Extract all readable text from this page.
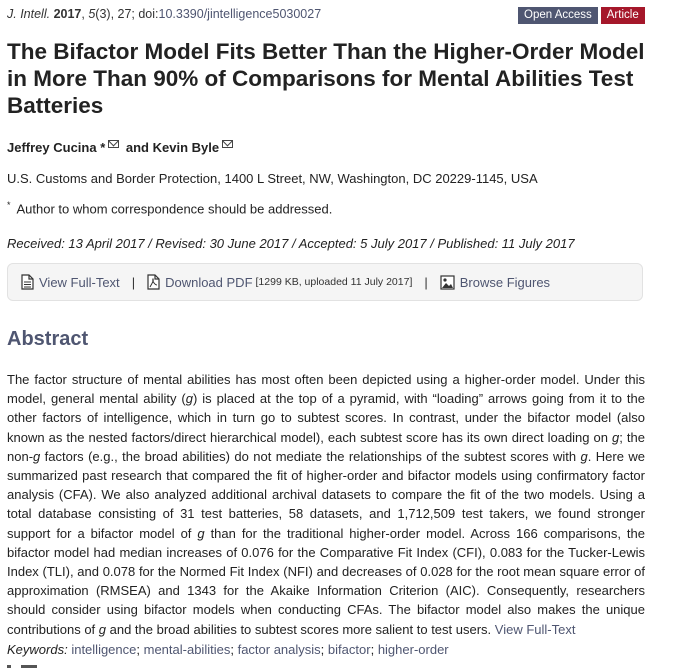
J. Intell. 2017, 5(3), 27; doi:10.3390/jintelligence5030027	Open Access	Article
The Bifactor Model Fits Better Than the Higher-Order Model in More Than 90% of Comparisons for Mental Abilities Test Batteries
Jeffrey Cucina * and Kevin Byle
U.S. Customs and Border Protection, 1400 L Street, NW, Washington, DC 20229-1145, USA
* Author to whom correspondence should be addressed.
Received: 13 April 2017 / Revised: 30 June 2017 / Accepted: 5 July 2017 / Published: 11 July 2017
View Full-Text | Download PDF [1299 KB, uploaded 11 July 2017] | Browse Figures
Abstract

The factor structure of mental abilities has most often been depicted using a higher-order model. Under this model, general mental ability (g) is placed at the top of a pyramid, with “loading” arrows going from it to the other factors of intelligence, which in turn go to subtest scores. In contrast, under the bifactor model (also known as the nested factors/direct hierarchical model), each subtest score has its own direct loading on g; the non-g factors (e.g., the broad abilities) do not mediate the relationships of the subtest scores with g. Here we summarized past research that compared the fit of higher-order and bifactor models using confirmatory factor analysis (CFA). We also analyzed additional archival datasets to compare the fit of the two models. Using a total database consisting of 31 test batteries, 58 datasets, and 1,712,509 test takers, we found stronger support for a bifactor model of g than for the traditional higher-order model. Across 166 comparisons, the bifactor model had median increases of 0.076 for the Comparative Fit Index (CFI), 0.083 for the Tucker-Lewis Index (TLI), and 0.078 for the Normed Fit Index (NFI) and decreases of 0.028 for the root mean square error of approximation (RMSEA) and 1343 for the Akaike Information Criterion (AIC). Consequently, researchers should consider using bifactor models when conducting CFAs. The bifactor model also makes the unique contributions of g and the broad abilities to subtest scores more salient to test users. View Full-Text

Keywords: intelligence; mental-abilities; factor analysis; bifactor; higher-order
